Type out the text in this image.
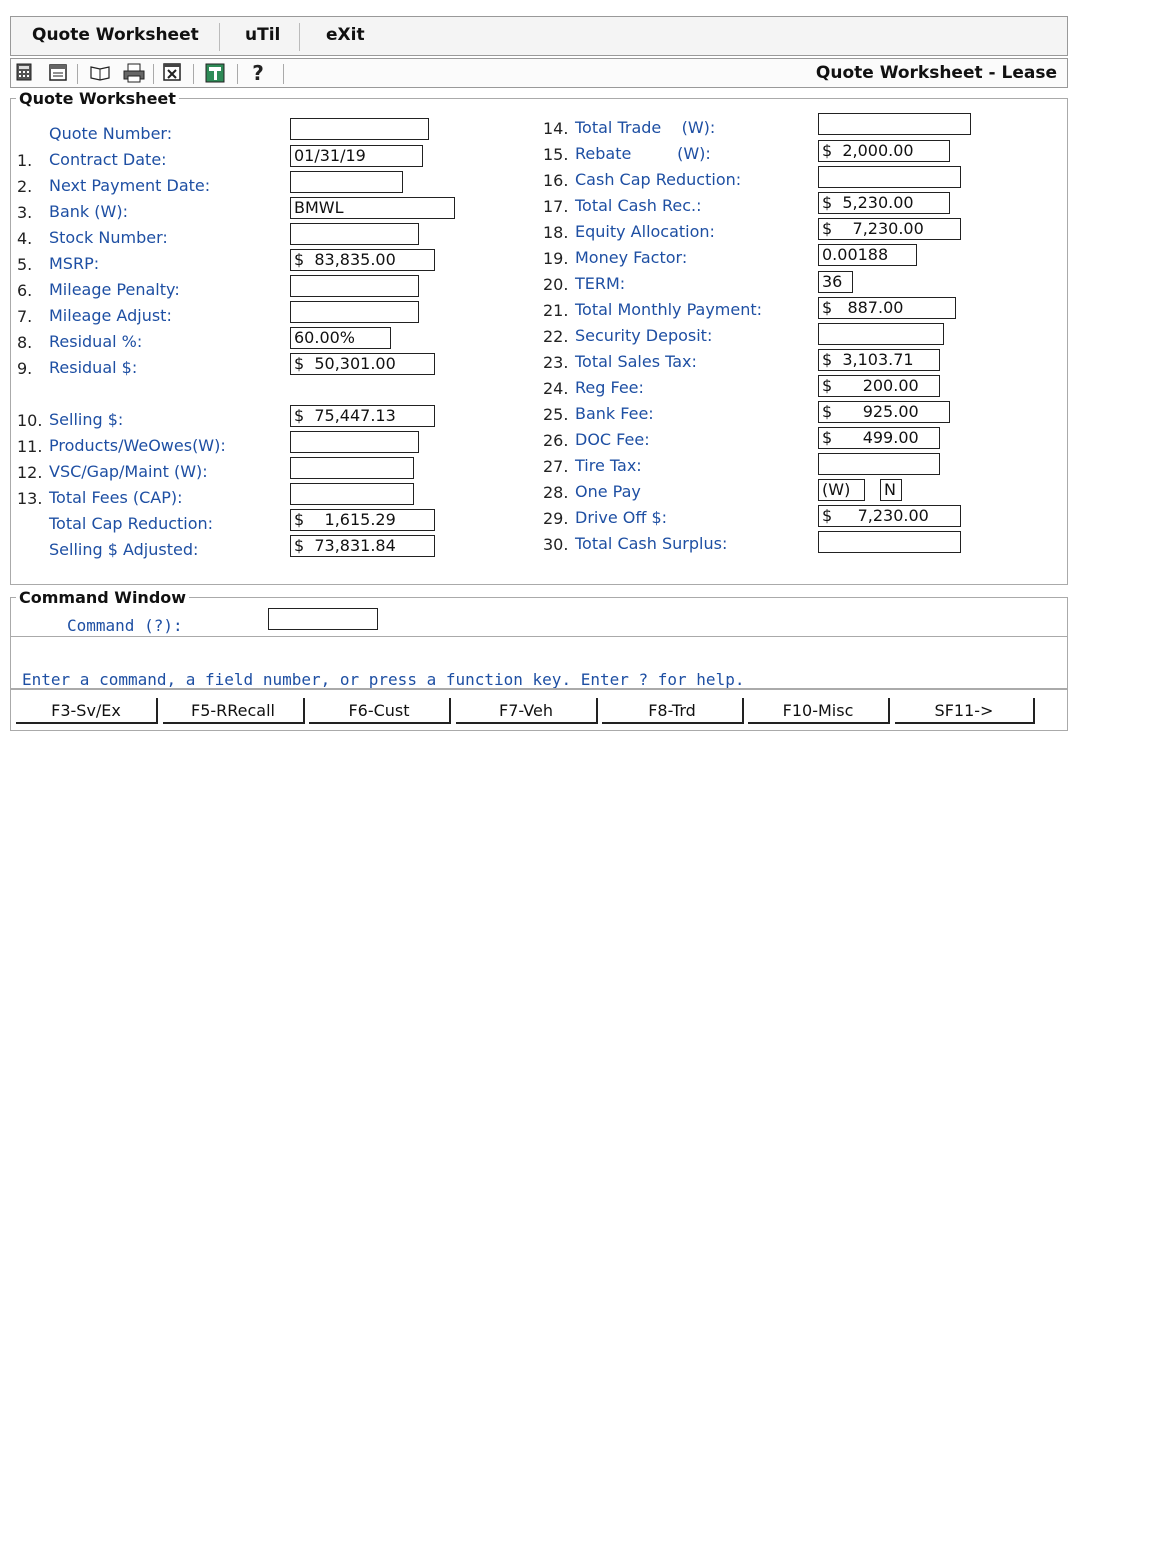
Quote Worksheet	uTil	eXit
?	Quote Worksheet - Lease
Quote Worksheet
Quote Number:
1. Contract Date:	01/31/19
2. Next Payment Date:
3. Bank (W):	BMWL
4. Stock Number:
5. MSRP:	$  83,835.00
6. Mileage Penalty:
7. Mileage Adjust:
8. Residual %:	60.00%
9. Residual $:	$  50,301.00
10. Selling $:	$  75,447.13
11. Products/WeOwes(W):
12. VSC/Gap/Maint (W):
13. Total Fees (CAP):
Total Cap Reduction:	$    1,615.29
Selling $ Adjusted:	$  73,831.84
14. Total Trade    (W):
15. Rebate         (W):	$  2,000.00
16. Cash Cap Reduction:
17. Total Cash Rec.:	$  5,230.00
18. Equity Allocation:	$    7,230.00
19. Money Factor:	0.00188
20. TERM:	36
21. Total Monthly Payment:	$   887.00
22. Security Deposit:
23. Total Sales Tax:	$  3,103.71
24. Reg Fee:	$      200.00
25. Bank Fee:	$      925.00
26. DOC Fee:	$      499.00
27. Tire Tax:
28. One Pay	(W)	N
29. Drive Off $:	$     7,230.00
30. Total Cash Surplus:
Command Window
Command (?):
Enter a command, a field number, or press a function key. Enter ? for help.
F3-Sv/Ex	F5-RRecall	F6-Cust	F7-Veh	F8-Trd	F10-Misc	SF11->
